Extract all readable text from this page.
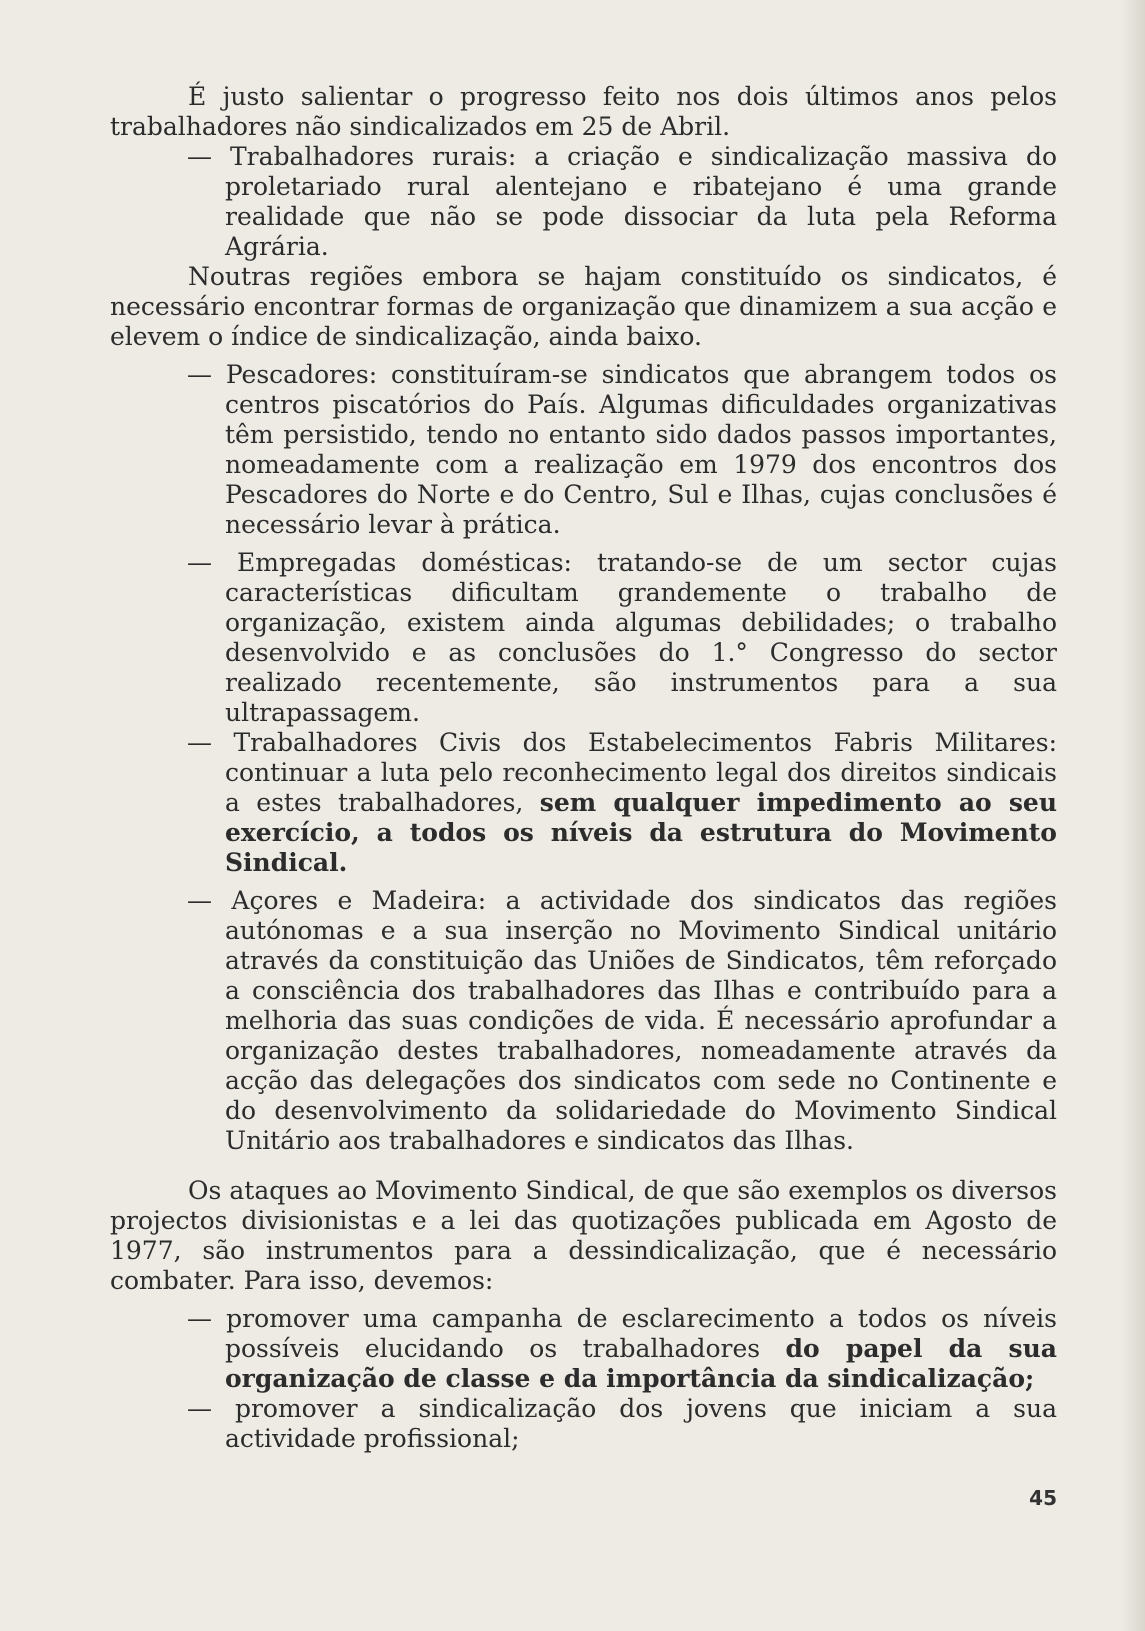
É justo salientar o progresso feito nos dois últimos anos pelos trabalhadores não sindicalizados em 25 de Abril.

— Trabalhadores rurais: a criação e sindicalização massiva do proletariado rural alentejano e ribatejano é uma grande realidade que não se pode dissociar da luta pela Reforma Agrária.

Noutras regiões embora se hajam constituído os sindicatos, é necessário encontrar formas de organização que dinamizem a sua acção e elevem o índice de sindicalização, ainda baixo.

— Pescadores: constituíram-se sindicatos que abrangem todos os centros piscatórios do País. Algumas dificuldades organizativas têm persistido, tendo no entanto sido dados passos importantes, nomeadamente com a realização em 1979 dos encontros dos Pescadores do Norte e do Centro, Sul e Ilhas, cujas conclusões é necessário levar à prática.

— Empregadas domésticas: tratando-se de um sector cujas características dificultam grandemente o trabalho de organização, existem ainda algumas debilidades; o trabalho desenvolvido e as conclusões do 1.° Congresso do sector realizado recentemente, são instrumentos para a sua ultrapassagem.

— Trabalhadores Civis dos Estabelecimentos Fabris Militares: continuar a luta pelo reconhecimento legal dos direitos sindicais a estes trabalhadores, sem qualquer impedimento ao seu exercício, a todos os níveis da estrutura do Movimento Sindical.

— Açores e Madeira: a actividade dos sindicatos das regiões autónomas e a sua inserção no Movimento Sindical unitário através da constituição das Uniões de Sindicatos, têm reforçado a consciência dos trabalhadores das Ilhas e contribuído para a melhoria das suas condições de vida. É necessário aprofundar a organização destes trabalhadores, nomeadamente através da acção das delegações dos sindicatos com sede no Continente e do desenvolvimento da solidariedade do Movimento Sindical Unitário aos trabalhadores e sindicatos das Ilhas.

Os ataques ao Movimento Sindical, de que são exemplos os diversos projectos divisionistas e a lei das quotizações publicada em Agosto de 1977, são instrumentos para a dessindicalização, que é necessário combater. Para isso, devemos:

— promover uma campanha de esclarecimento a todos os níveis possíveis elucidando os trabalhadores do papel da sua organização de classe e da importância da sindicalização;

— promover a sindicalização dos jovens que iniciam a sua actividade profissional;

45
